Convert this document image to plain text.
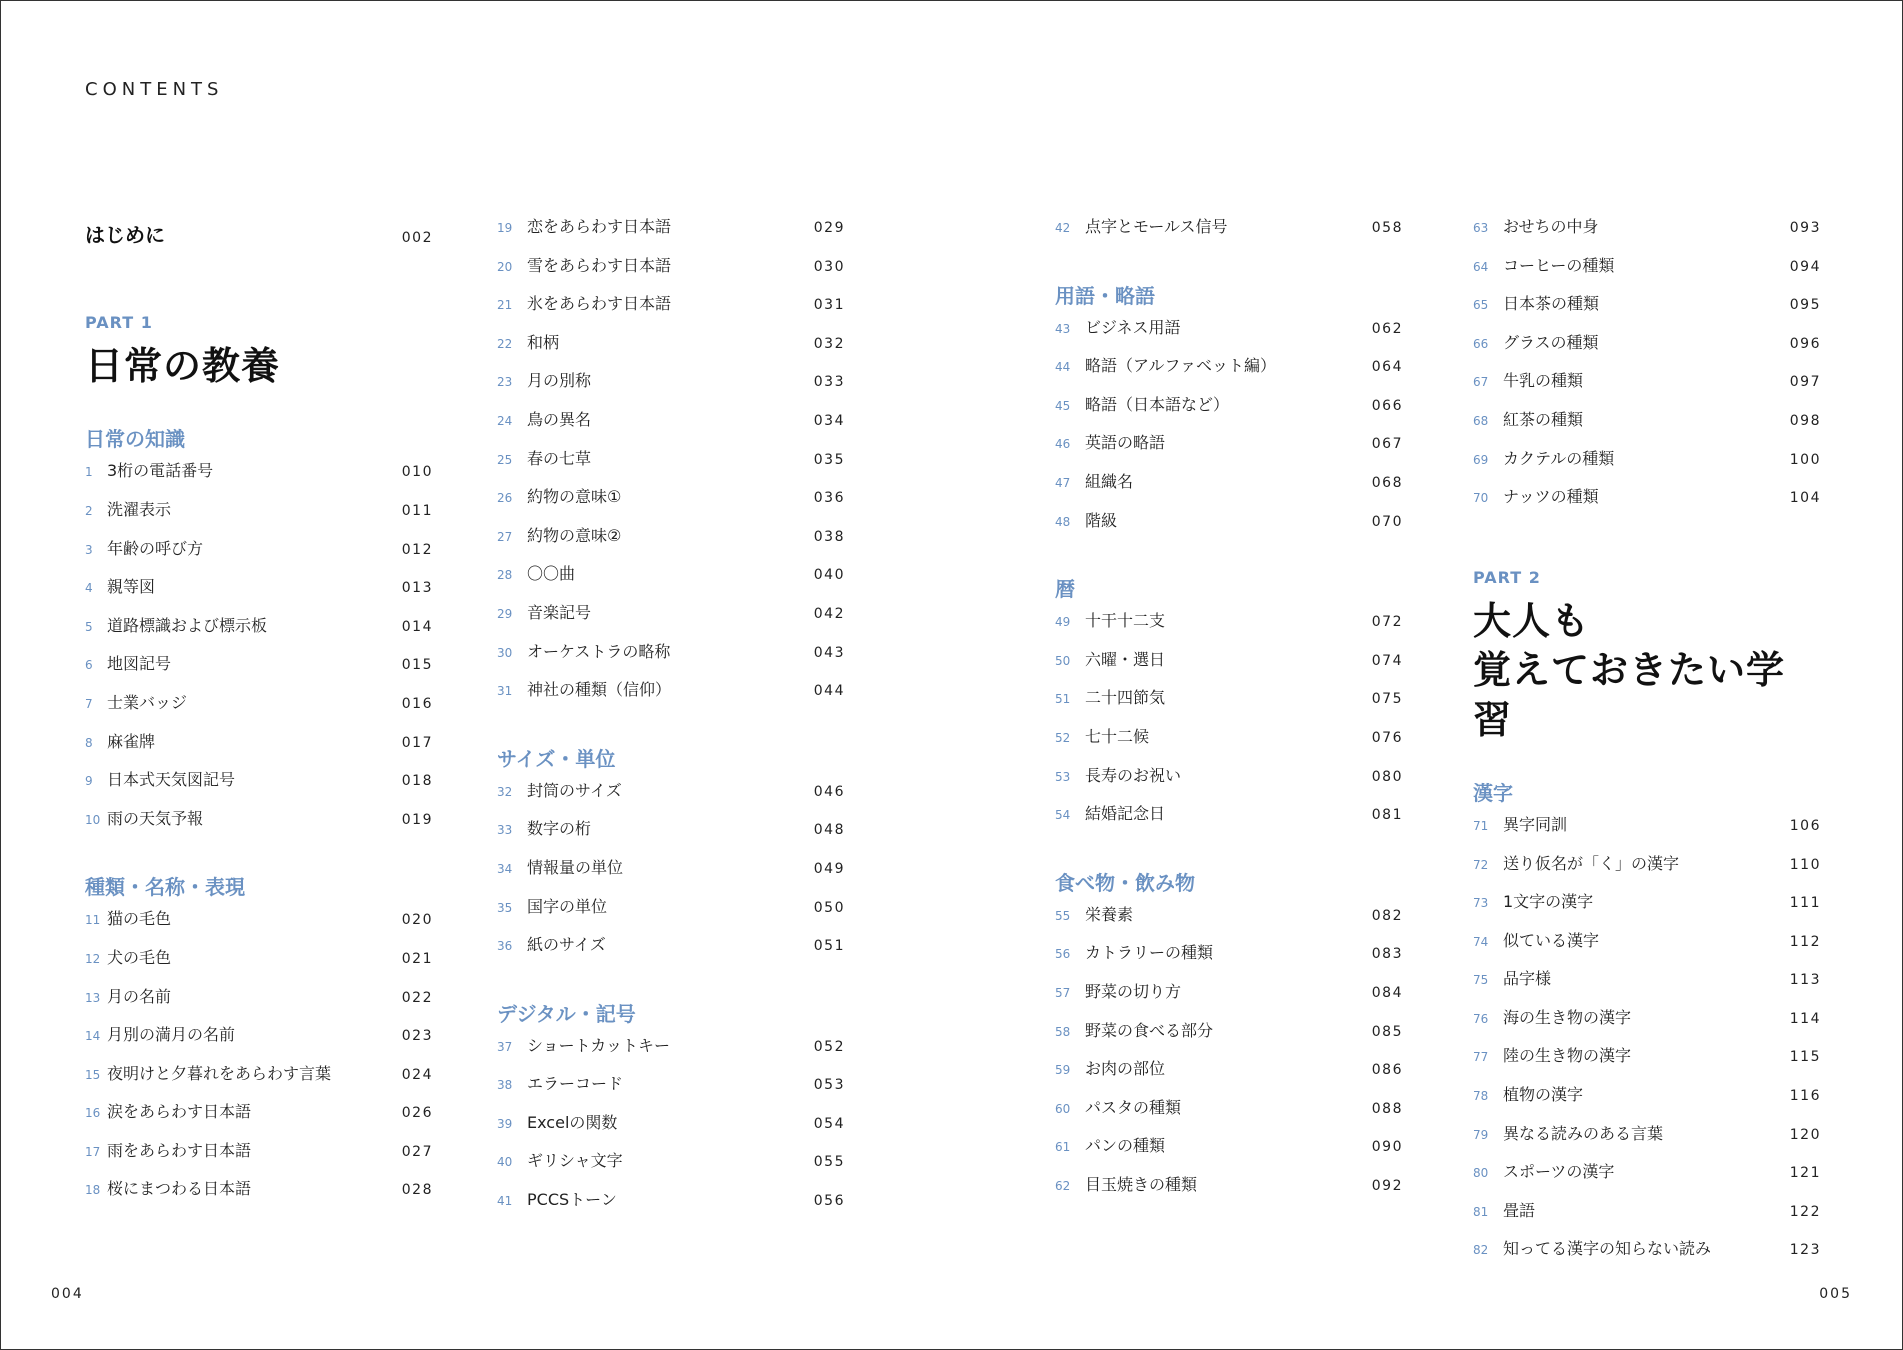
CONTENTS
はじめに	002
PART 1
日常の教養
日常の知識
1 3桁の電話番号	010
2 洗濯表示	011
3 年齢の呼び方	012
4 親等図	013
5 道路標識および標示板	014
6 地図記号	015
7 士業バッジ	016
8 麻雀牌	017
9 日本式天気図記号	018
10 雨の天気予報	019
種類・名称・表現
11 猫の毛色	020
12 犬の毛色	021
13 月の名前	022
14 月別の満月の名前	023
15 夜明けと夕暮れをあらわす言葉	024
16 涙をあらわす日本語	026
17 雨をあらわす日本語	027
18 桜にまつわる日本語	028
19 恋をあらわす日本語	029
20 雪をあらわす日本語	030
21 氷をあらわす日本語	031
22 和柄	032
23 月の別称	033
24 鳥の異名	034
25 春の七草	035
26 約物の意味①	036
27 約物の意味②	038
28 〇〇曲	040
29 音楽記号	042
30 オーケストラの略称	043
31 神社の種類（信仰）	044
サイズ・単位
32 封筒のサイズ	046
33 数字の桁	048
34 情報量の単位	049
35 国字の単位	050
36 紙のサイズ	051
デジタル・記号
37 ショートカットキー	052
38 エラーコード	053
39 Excelの関数	054
40 ギリシャ文字	055
41 PCCSトーン	056
42 点字とモールス信号	058
用語・略語
43 ビジネス用語	062
44 略語（アルファベット編）	064
45 略語（日本語など）	066
46 英語の略語	067
47 組織名	068
48 階級	070
暦
49 十干十二支	072
50 六曜・選日	074
51 二十四節気	075
52 七十二候	076
53 長寿のお祝い	080
54 結婚記念日	081
食べ物・飲み物
55 栄養素	082
56 カトラリーの種類	083
57 野菜の切り方	084
58 野菜の食べる部分	085
59 お肉の部位	086
60 パスタの種類	088
61 パンの種類	090
62 目玉焼きの種類	092
63 おせちの中身	093
64 コーヒーの種類	094
65 日本茶の種類	095
66 グラスの種類	096
67 牛乳の種類	097
68 紅茶の種類	098
69 カクテルの種類	100
70 ナッツの種類	104
PART 2
大人も
覚えておきたい学習
漢字
71 異字同訓	106
72 送り仮名が「く」の漢字	110
73 1文字の漢字	111
74 似ている漢字	112
75 品字様	113
76 海の生き物の漢字	114
77 陸の生き物の漢字	115
78 植物の漢字	116
79 異なる読みのある言葉	120
80 スポーツの漢字	121
81 畳語	122
82 知ってる漢字の知らない読み	123
004	005
